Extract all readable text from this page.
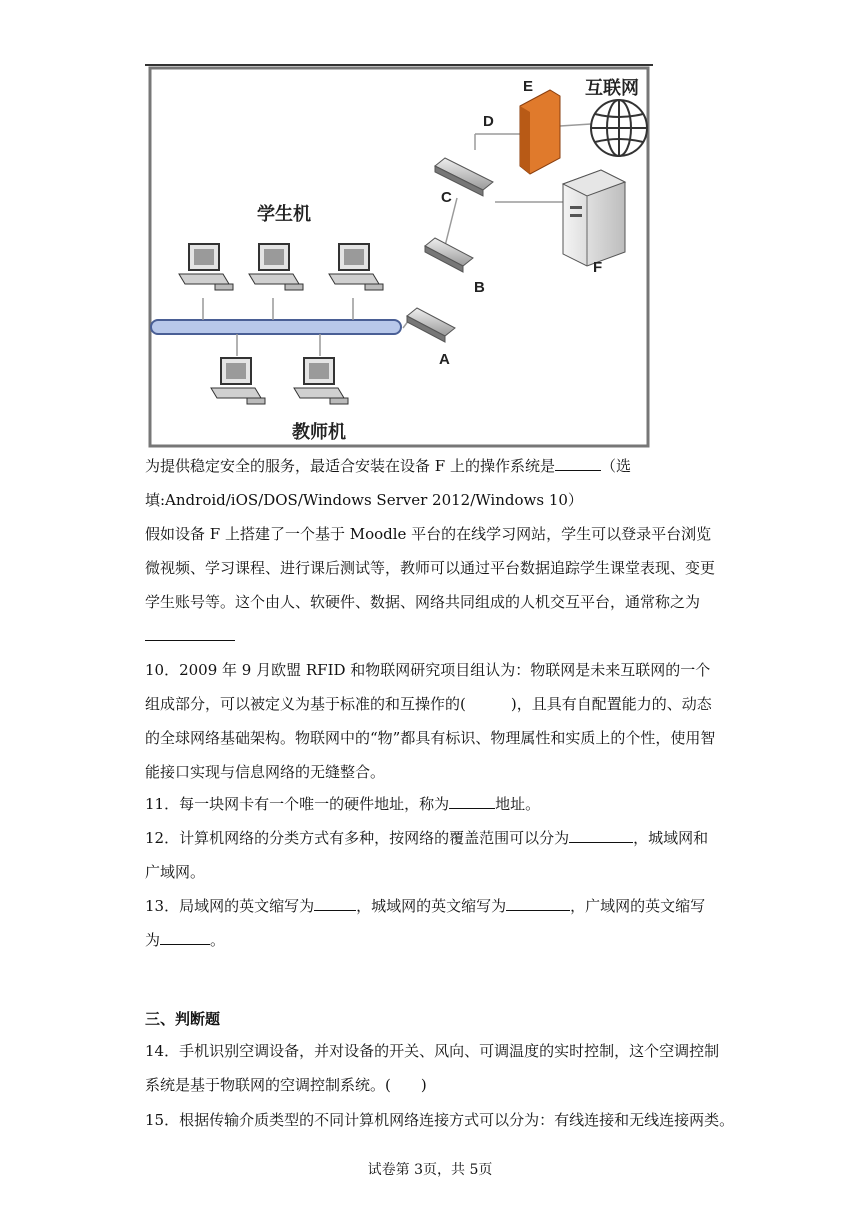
互联网
学生机
教师机
A
B
C
D
E
F
为提供稳定安全的服务，最适合安装在设备 F 上的操作系统是	（选
填:Android/iOS/DOS/Windows Server 2012/Windows 10）

假如设备 F 上搭建了一个基于 Moodle 平台的在线学习网站，学生可以登录平台浏览微视频、学习课程、进行课后测试等，教师可以通过平台数据追踪学生课堂表现、变更学生账号等。这个由人、软硬件、数据、网络共同组成的人机交互平台，通常称之为

10．2009 年 9 月欧盟 RFID 和物联网研究项目组认为：物联网是未来互联网的一个组成部分，可以被定义为基于标准的和互操作的(　　　)，且具有自配置能力的、动态的全球网络基础架构。物联网中的“物”都具有标识、物理属性和实质上的个性，使用智能接口实现与信息网络的无缝整合。

11．每一块网卡有一个唯一的硬件地址，称为	地址。
12．计算机网络的分类方式有多种，按网络的覆盖范围可以分为	，城域网和
广域网。
13．局域网的英文缩写为	，城域网的英文缩写为	，广域网的英文缩写
为	。
三、判断题

14．手机识别空调设备，并对设备的开关、风向、可调温度的实时控制，这个空调控制系统是基于物联网的空调控制系统。(　　)

15．根据传输介质类型的不同计算机网络连接方式可以分为：有线连接和无线连接两类。
试卷第 3页，共 5页
